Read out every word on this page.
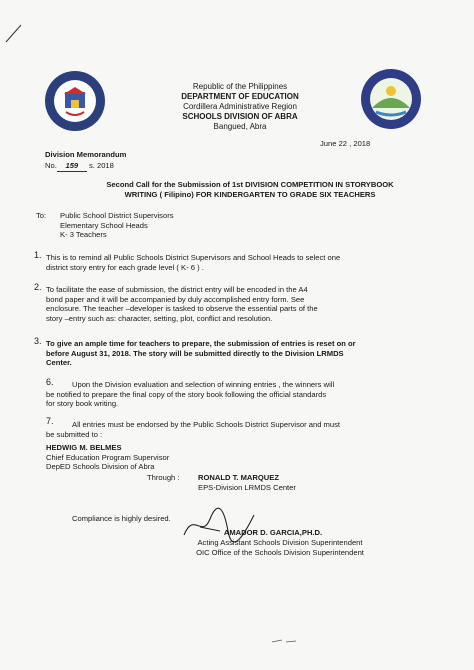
Republic of the Philippines
DEPARTMENT OF EDUCATION
Cordillera Administrative Region
SCHOOLS DIVISION OF ABRA
Bangued, Abra
June 22 , 2018
Division Memorandum
No. 159 s. 2018
Second Call for the Submission of 1st DIVISION COMPETITION IN STORYBOOK
WRITING ( Filipino) FOR KINDERGARTEN TO GRADE SIX TEACHERS
To: Public School District Supervisors
Elementary School Heads
K- 3 Teachers
1. This is to remind all Public Schools District Supervisors and School Heads to select one
district story entry for each grade level ( K- 6 ) .
2. To facilitate the ease of submission, the district entry will be encoded in the A4
bond paper and it will be accompanied by duly accomplished entry form. See
enclosure. The teacher –developer is tasked to observe the essential parts of the
story –entry such as: character, setting, plot, conflict and resolution.
3. To give an ample time for teachers to prepare, the submission of entries is reset on or
before August 31, 2018. The story will be submitted directly to the Division LRMDS
Center.
6.	Upon the Division evaluation and selection of winning entries , the winners will
be notified to prepare the final copy of the story book following the official standards
for story book writing.
7.	All entries must be endorsed by the Public Schools District Supervisor and must
be submitted to :
HEDWIG M. BELMES
Chief Education Program Supervisor
DepED Schools Division of Abra
Through : RONALD T. MARQUEZ
EPS-Division LRMDS Center
Compliance is highly desired.
AMADOR D. GARCIA,PH.D.
Acting Assistant Schools Division Superintendent
OIC Office of the Schools Division Superintendent
